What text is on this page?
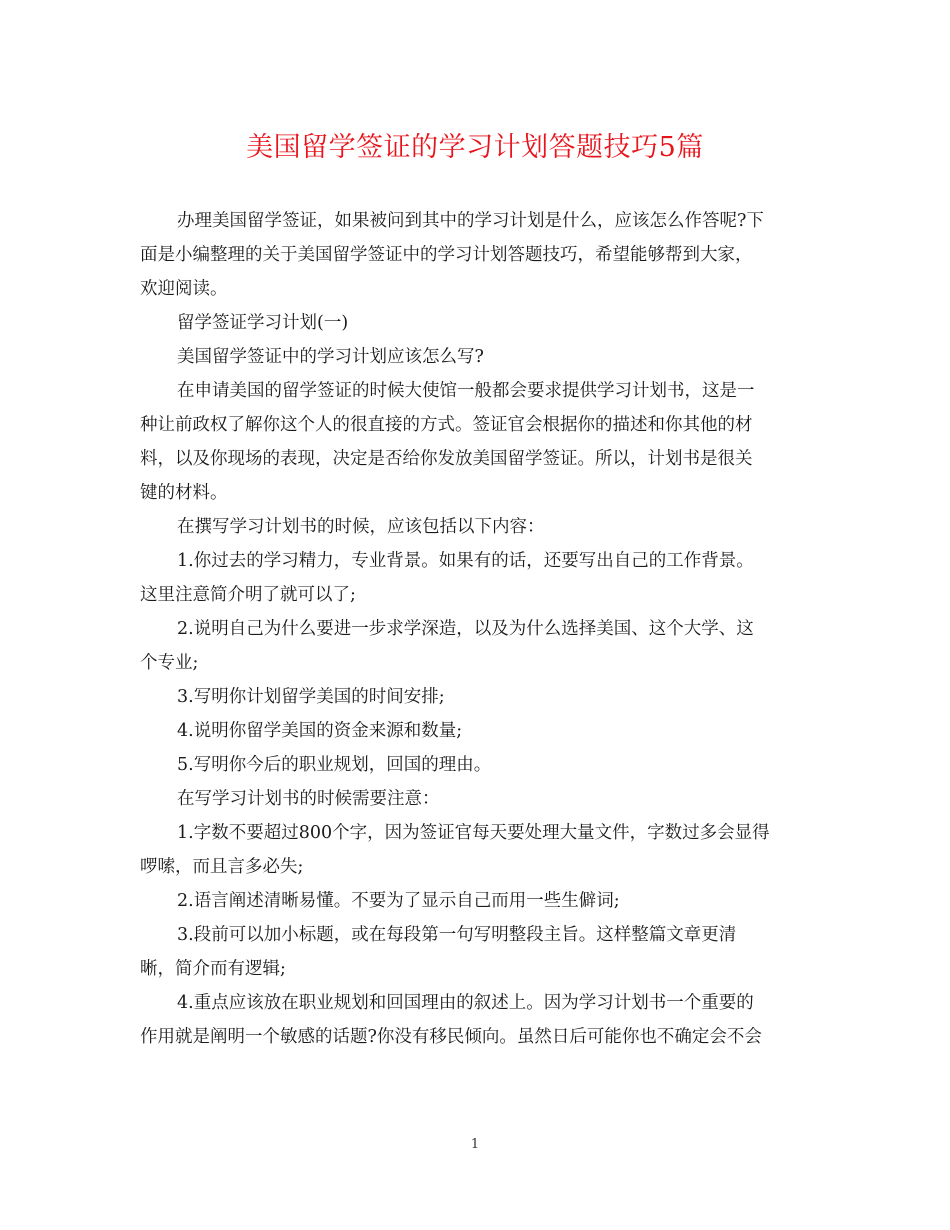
美国留学签证的学习计划答题技巧5篇
办理美国留学签证，如果被问到其中的学习计划是什么，应该怎么作答呢?下
面是小编整理的关于美国留学签证中的学习计划答题技巧，希望能够帮到大家，
欢迎阅读。
留学签证学习计划(一)
美国留学签证中的学习计划应该怎么写?
在申请美国的留学签证的时候大使馆一般都会要求提供学习计划书，这是一
种让前政权了解你这个人的很直接的方式。签证官会根据你的描述和你其他的材
料，以及你现场的表现，决定是否给你发放美国留学签证。所以，计划书是很关
键的材料。
在撰写学习计划书的时候，应该包括以下内容：
1.你过去的学习精力，专业背景。如果有的话，还要写出自己的工作背景。
这里注意简介明了就可以了;
2.说明自己为什么要进一步求学深造，以及为什么选择美国、这个大学、这
个专业;
3.写明你计划留学美国的时间安排;
4.说明你留学美国的资金来源和数量;
5.写明你今后的职业规划，回国的理由。
在写学习计划书的时候需要注意：
1.字数不要超过800个字，因为签证官每天要处理大量文件，字数过多会显得
啰嗦，而且言多必失;
2.语言阐述清晰易懂。不要为了显示自己而用一些生僻词;
3.段前可以加小标题，或在每段第一句写明整段主旨。这样整篇文章更清
晰，简介而有逻辑;
4.重点应该放在职业规划和回国理由的叙述上。因为学习计划书一个重要的
作用就是阐明一个敏感的话题?你没有移民倾向。虽然日后可能你也不确定会不会
1
